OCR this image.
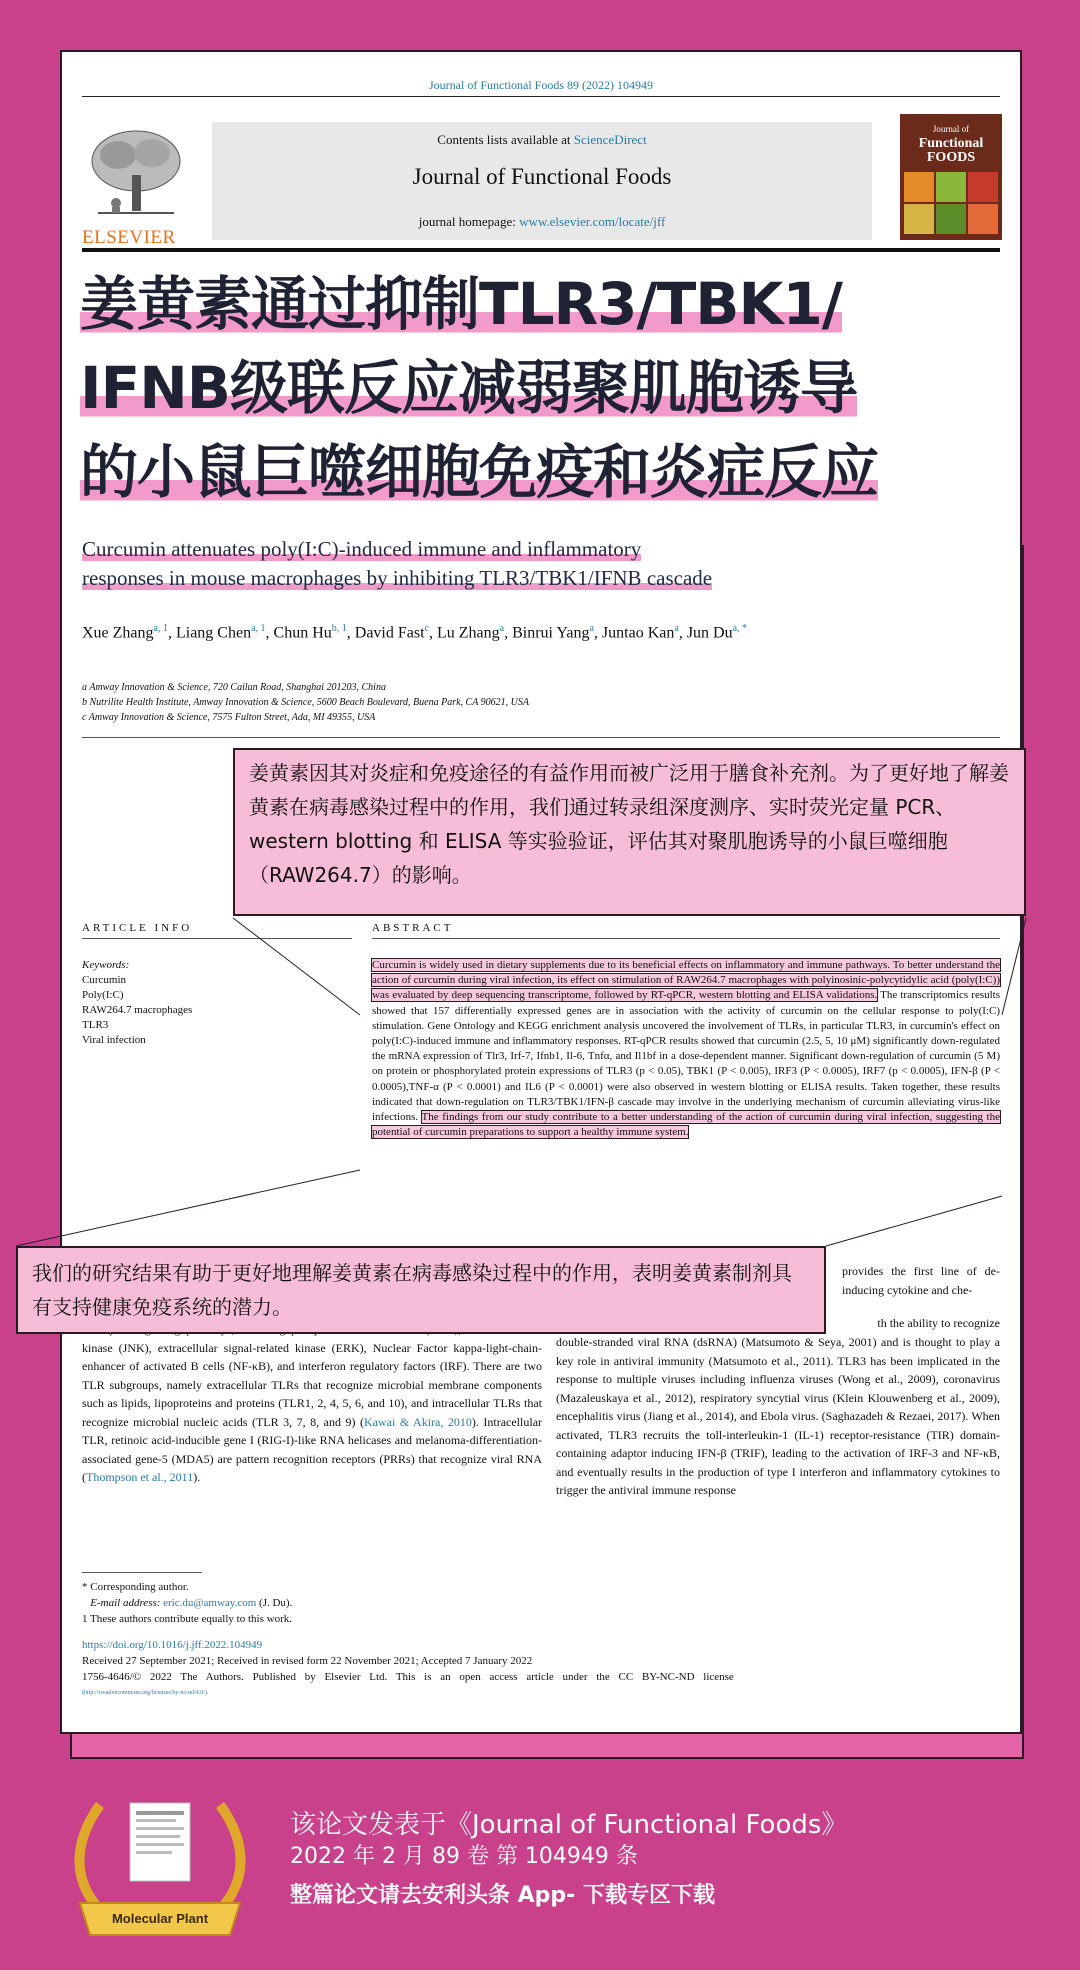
Journal of Functional Foods 89 (2022) 104949
ELSEVIER
Contents lists available at ScienceDirect
Journal of Functional Foods
journal homepage: www.elsevier.com/locate/jff
Journal of
Functional
FOODS
姜黄素通过抑制TLR3/TBK1/
IFNB级联反应减弱聚肌胞诱导
的小鼠巨噬细胞免疫和炎症反应
Curcumin attenuates poly(I:C)-induced immune and inflammatory
responses in mouse macrophages by inhibiting TLR3/TBK1/IFNB cascade
Xue Zhang$^{a, 1}$, Liang Chen$^{a, 1}$, Chun Hu$^{b, 1}$, David Fast$^c$, Lu Zhang$^a$, Binrui Yang$^a$, Juntao Kan$^a$, Jun $Du^{a, *}$
a Amway Innovation & Science, 720 Cailun Road, Shanghai 201203, China
b Nutrilite Health Institute, Amway Innovation & Science, 5600 Beach Boulevard, Buena Park, CA 90621, USA
c Amway Innovation & Science, 7575 Fulton Street, Ada, MI 49355, USA
ARTICLE INFO	ABSTRACT
Keywords:
Curcumin
Poly(I:C)
RAW264.7 macrophages
TLR3
Viral infection
Curcumin is widely used in dietary supplements due to its beneficial effects on inflammatory and immune pathways. To better understand the action of curcumin during viral infection, its effect on stimulation of RAW264.7 macrophages with polyinosinic-polycytidylic acid (poly(I:C)) was evaluated by deep sequencing transcriptome, followed by RT-qPCR, western blotting and ELISA validations. The transcriptomics results showed that 157 differentially expressed genes are in association with the activity of curcumin on the cellular response to poly(I:C) stimulation. Gene Ontology and KEGG enrichment analysis uncovered the involvement of TLRs, in particular TLR3, in curcumin's effect on poly(I:C)-induced immune and inflammatory responses. RT-qPCR results showed that curcumin (2.5, 5, 10 μM) significantly down-regulated the mRNA expression of Tlr3, Irf-7, Ifnb1, Il-6, Tnfα, and Il1bf in a dose-dependent manner. Significant down-regulation of curcumin (5 M) on protein or phosphorylated protein expressions of TLR3 (p < 0.05), TBK1 (P < 0.005), IRF3 (P < 0.0005), IRF7 (p < 0.0005), IFN-β (P < 0.0005),TNF-α (P < 0.0001) and IL6 (P < 0.0001) were also observed in western blotting or ELISA results. Taken together, these results indicated that down-regulation on TLR3/TBK1/IFN-β cascade may involve in the underlying mechanism of curcumin alleviating virus-like infections. The findings from our study contribute to a better understanding of the action of curcumin during viral infection, suggesting the potential of curcumin preparations to support a healthy immune system.
provides the first line of de- inducing cytokine and che-
kinase (JNK), extracellular signal-related kinase (ERK), Nuclear Factor kappa-light-chain-enhancer of activated B cells (NF-κB), and interferon regulatory factors (IRF). There are two TLR subgroups, namely extracellular TLRs that recognize microbial membrane components such as lipids, lipoproteins and proteins (TLR1, 2, 4, 5, 6, and 10), and intracellular TLRs that recognize microbial nucleic acids (TLR 3, 7, 8, and 9) (Kawai & Akira, 2010). Intracellular TLR, retinoic acid-inducible gene I (RIG-I)-like RNA helicases and melanoma-differentiation-associated gene-5 (MDA5) are pattern recognition receptors (PRRs) that recognize viral RNA (Thompson et al., 2011).
th the ability to recognize
double-stranded viral RNA (dsRNA) (Matsumoto & Seya, 2001) and is thought to play a key role in antiviral immunity (Matsumoto et al., 2011). TLR3 has been implicated in the response to multiple viruses including influenza viruses (Wong et al., 2009), coronavirus (Mazaleuskaya et al., 2012), respiratory syncytial virus (Klein Klouwenberg et al., 2009), encephalitis virus (Jiang et al., 2014), and Ebola virus. (Saghazadeh & Rezaei, 2017). When activated, TLR3 recruits the toll-interleukin-1 (IL-1) receptor-resistance (TIR) domain-containing adaptor inducing IFN-β (TRIF), leading to the activation of IRF-3 and NF-κB, and eventually results in the production of type I interferon and inflammatory cytokines to trigger the antiviral immune response
* Corresponding author.
E-mail address: eric.du@amway.com (J. Du).
1 These authors contribute equally to this work.
https://doi.org/10.1016/j.jff.2022.104949
Received 27 September 2021; Received in revised form 22 November 2021; Accepted 7 January 2022
1756-4646/© 2022 The Authors. Published by Elsevier Ltd. This is an open access article under the CC BY-NC-ND license
(http://creativecommons.org/licenses/by-nc-nd/4.0/).
姜黄素因其对炎症和免疫途径的有益作用而被广泛用于膳食补充剂。为了更好地了解姜黄素在病毒感染过程中的作用，我们通过转录组深度测序、实时荧光定量 PCR、western blotting 和 ELISA 等实验验证，评估其对聚肌胞诱导的小鼠巨噬细胞（RAW264.7）的影响。
我们的研究结果有助于更好地理解姜黄素在病毒感染过程中的作用，表明姜黄素制剂具有支持健康免疫系统的潜力。
Molecular Plant
该论文发表于《Journal of Functional Foods》
2022 年 2 月 89 卷 第 104949 条
整篇论文请去安利头条 App- 下载专区下载
